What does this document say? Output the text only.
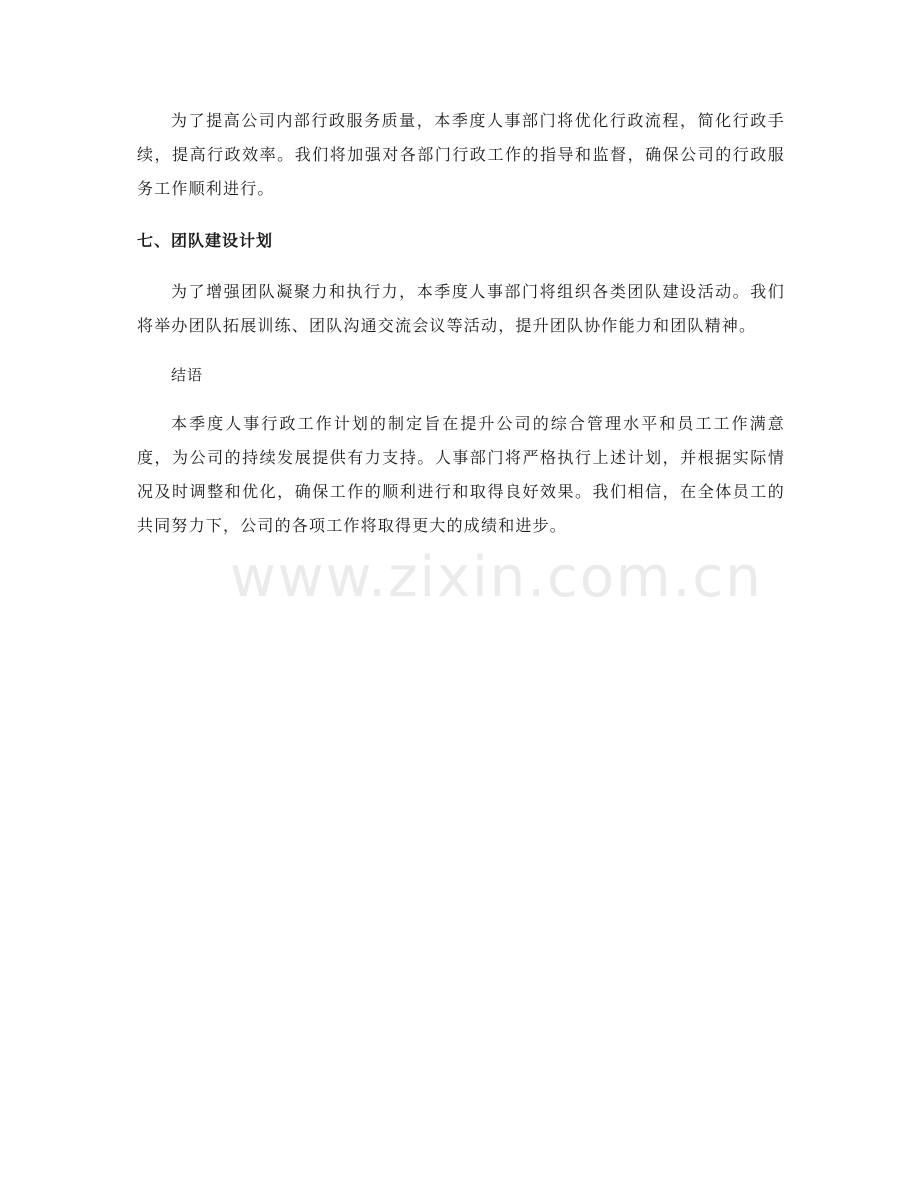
www.zixin.com.cn

为了提高公司内部行政服务质量，本季度人事部门将优化行政流程，简化行政手续，提高行政效率。我们将加强对各部门行政工作的指导和监督，确保公司的行政服务工作顺利进行。

七、团队建设计划

为了增强团队凝聚力和执行力，本季度人事部门将组织各类团队建设活动。我们将举办团队拓展训练、团队沟通交流会议等活动，提升团队协作能力和团队精神。

结语

本季度人事行政工作计划的制定旨在提升公司的综合管理水平和员工工作满意度，为公司的持续发展提供有力支持。人事部门将严格执行上述计划，并根据实际情况及时调整和优化，确保工作的顺利进行和取得良好效果。我们相信，在全体员工的共同努力下，公司的各项工作将取得更大的成绩和进步。
